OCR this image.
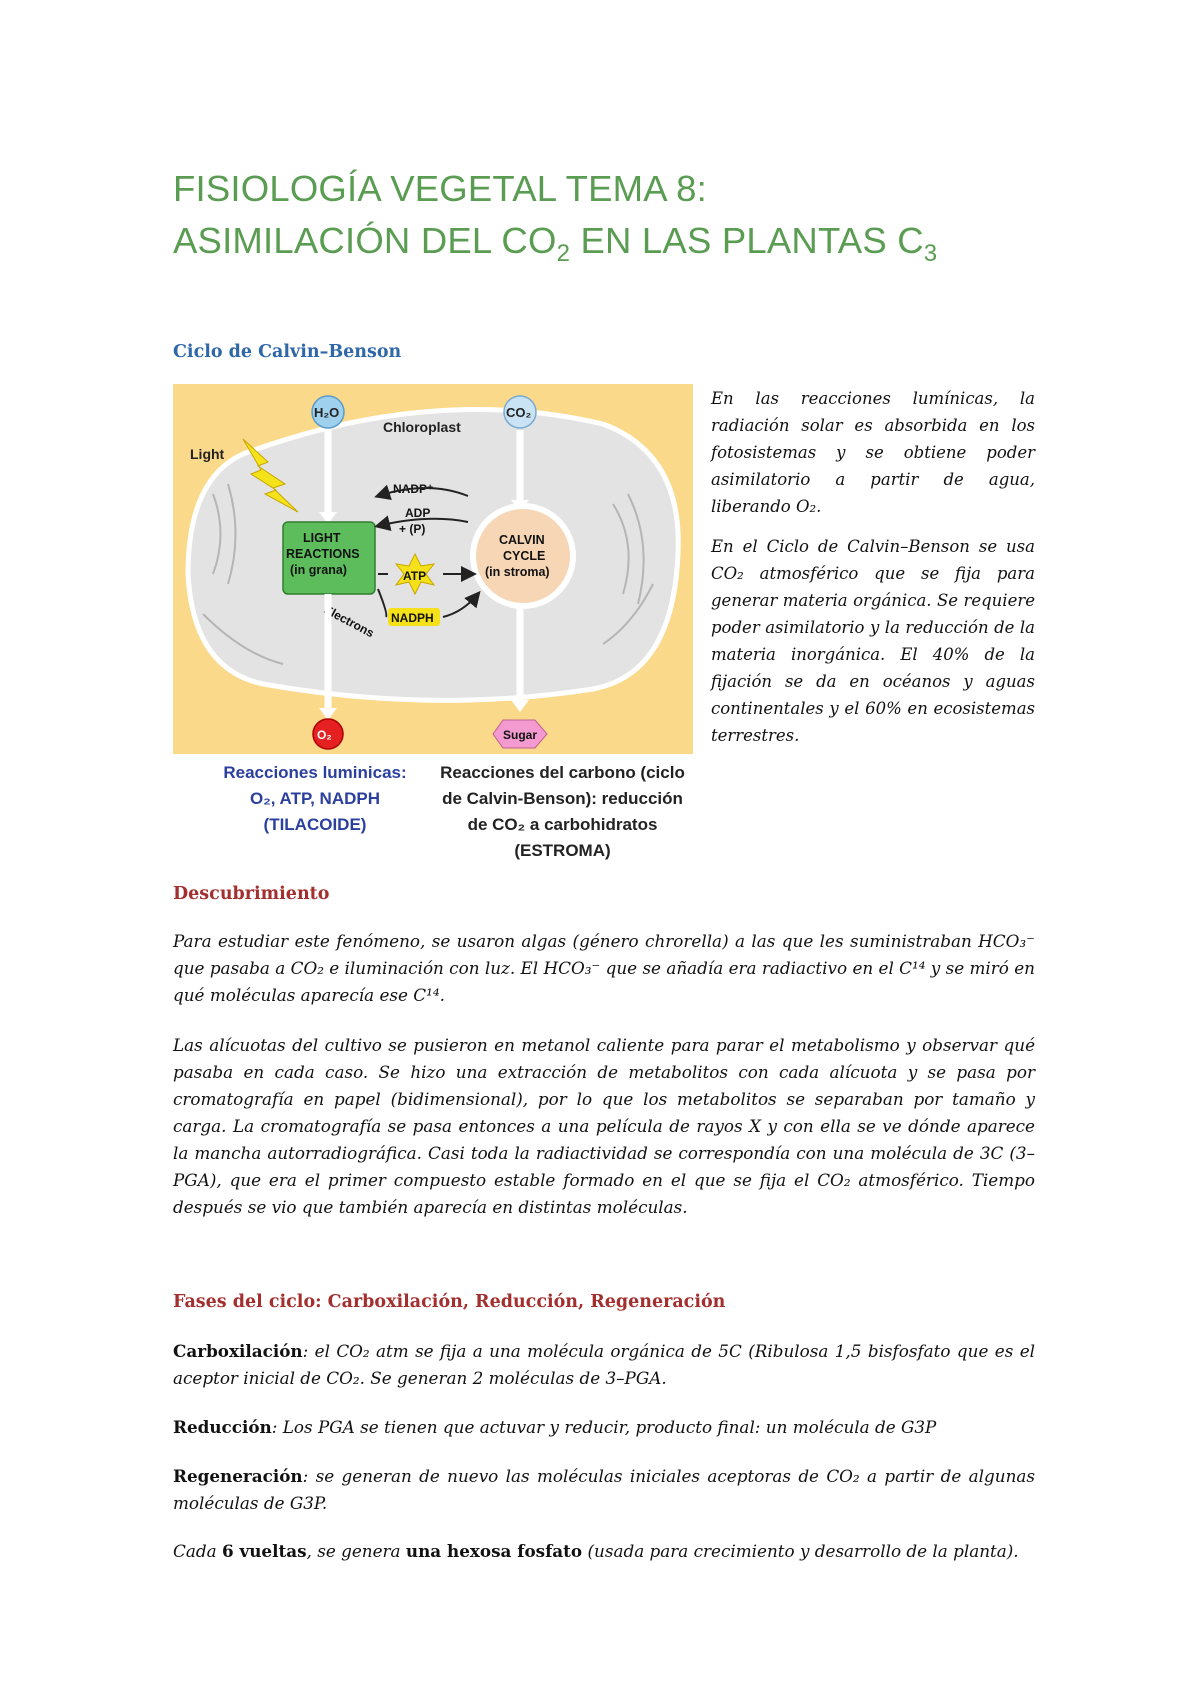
FISIOLOGÍA VEGETAL TEMA 8:
ASIMILACIÓN DEL $CO_2$ EN LAS PLANTAS $C_3$
Ciclo de Calvin–Benson
Chloroplast
H₂O	CO₂
Light
LIGHT
REACTIONS
(in grana)
CALVIN
CYCLE
(in stroma)
NADP⁺
ADP
+ (P)
ATP
NADPH
Electrons
O₂	Sugar
Reacciones luminicas:
O₂, ATP, NADPH
(TILACOIDE)
Reacciones del carbono (ciclo
de Calvin-Benson): reducción
de CO₂ a carbohidratos
(ESTROMA)

En las reacciones lumínicas, la radiación solar es absorbida en los fotosistemas y se obtiene poder asimilatorio a partir de agua, liberando O₂.

En el Ciclo de Calvin–Benson se usa CO₂ atmosférico que se fija para generar materia orgánica. Se requiere poder asimilatorio y la reducción de la materia inorgánica. El 40% de la fijación se da en océanos y aguas continentales y el 60% en ecosistemas terrestres.

Descubrimiento

Para estudiar este fenómeno, se usaron algas (género chrorella) a las que les suministraban HCO₃⁻ que pasaba a CO₂ e iluminación con luz. El HCO₃⁻ que se añadía era radiactivo en el C¹⁴ y se miró en qué moléculas aparecía ese C¹⁴.

Las alícuotas del cultivo se pusieron en metanol caliente para parar el metabolismo y observar qué pasaba en cada caso. Se hizo una extracción de metabolitos con cada alícuota y se pasa por cromatografía en papel (bidimensional), por lo que los metabolitos se separaban por tamaño y carga. La cromatografía se pasa entonces a una película de rayos X y con ella se ve dónde aparece la mancha autorradiográfica. Casi toda la radiactividad se correspondía con una molécula de 3C (3–PGA), que era el primer compuesto estable formado en el que se fija el CO₂ atmosférico. Tiempo después se vio que también aparecía en distintas moléculas.

Fases del ciclo: Carboxilación, Reducción, Regeneración

Carboxilación: el CO₂ atm se fija a una molécula orgánica de 5C (Ribulosa 1,5 bisfosfato que es el aceptor inicial de CO₂. Se generan 2 moléculas de 3–PGA.

Reducción: Los PGA se tienen que actuvar y reducir, producto final: un molécula de G3P

Regeneración: se generan de nuevo las moléculas iniciales aceptoras de CO₂ a partir de algunas moléculas de G3P.

Cada 6 vueltas, se genera una hexosa fosfato (usada para crecimiento y desarrollo de la planta).
